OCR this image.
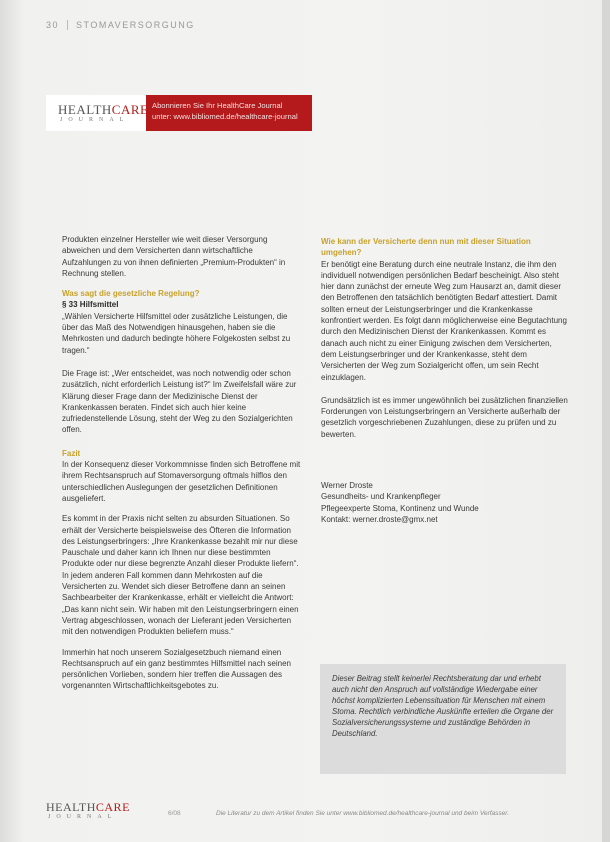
30 STOMAVERSORGUNG
HEALTHCARE
JOURNAL
Abonnieren Sie Ihr HealthCare Journal
unter: www.bibliomed.de/healthcare-journal

Produkten einzelner Hersteller wie weit dieser Versorgung abweichen und dem Versicherten dann wirtschaftliche Aufzahlungen zu von ihnen definierten „Premium-Produkten“ in Rechnung stellen.

Was sagt die gesetzliche Regelung?

§ 33 Hilfsmittel

„Wählen Versicherte Hilfsmittel oder zusätzliche Leistungen, die über das Maß des Notwendigen hinausgehen, haben sie die Mehrkosten und dadurch bedingte höhere Folgekosten selbst zu tragen.“

Die Frage ist: „Wer entscheidet, was noch notwendig oder schon zusätzlich, nicht erforderlich Leistung ist?“ Im Zweifelsfall wäre zur Klärung dieser Frage dann der Medizinische Dienst der Krankenkassen beraten. Findet sich auch hier keine zufriedenstellende Lösung, steht der Weg zu den Sozialgerichten offen.

Fazit

In der Konsequenz dieser Vorkommnisse finden sich Betroffene mit ihrem Rechtsanspruch auf Stomaversorgung oftmals hilflos den unterschiedlichen Auslegungen der gesetzlichen Definitionen ausgeliefert.

Es kommt in der Praxis nicht selten zu absurden Situationen. So erhält der Versicherte beispielsweise des Öfteren die Information des Leistungserbringers: „Ihre Krankenkasse bezahlt mir nur diese Pauschale und daher kann ich Ihnen nur diese bestimmten Produkte oder nur diese begrenzte Anzahl dieser Produkte liefern“. In jedem anderen Fall kommen dann Mehrkosten auf die Versicherten zu. Wendet sich dieser Betroffene dann an seinen Sachbearbeiter der Krankenkasse, erhält er vielleicht die Antwort: „Das kann nicht sein. Wir haben mit den Leistungserbringern einen Vertrag abgeschlossen, wonach der Lieferant jeden Versicherten mit den notwendigen Produkten beliefern muss.“

Immerhin hat noch unserem Sozialgesetzbuch niemand einen Rechtsanspruch auf ein ganz bestimmtes Hilfsmittel nach seinen persönlichen Vorlieben, sondern hier treffen die Aussagen des vorgenannten Wirtschaftlichkeitsgebotes zu.

Wie kann der Versicherte denn nun mit dieser Situation umgehen?

Er benötigt eine Beratung durch eine neutrale Instanz, die ihm den individuell notwendigen persönlichen Bedarf bescheinigt. Also steht hier dann zunächst der erneute Weg zum Hausarzt an, damit dieser den Betroffenen den tatsächlich benötigten Bedarf attestiert. Damit sollten erneut der Leistungserbringer und die Krankenkasse konfrontiert werden. Es folgt dann möglicherweise eine Begutachtung durch den Medizinischen Dienst der Krankenkassen. Kommt es danach auch nicht zu einer Einigung zwischen dem Versicherten, dem Leistungserbringer und der Krankenkasse, steht dem Versicherten der Weg zum Sozialgericht offen, um sein Recht einzuklagen.

Grundsätzlich ist es immer ungewöhnlich bei zusätzlichen finanziellen Forderungen von Leistungserbringern an Versicherte außerhalb der gesetzlich vorgeschriebenen Zuzahlungen, diese zu prüfen und zu bewerten.

Werner Droste

Gesundheits- und Krankenpfleger

Pflegeexperte Stoma, Kontinenz und Wunde

Kontakt: werner.droste@gmx.net

Dieser Beitrag stellt keinerlei Rechtsberatung dar und erhebt auch nicht den Anspruch auf vollständige Wiedergabe einer höchst komplizierten Lebenssituation für Menschen mit einem Stoma. Rechtlich verbindliche Auskünfte erteilen die Organe der Sozialversicherungssysteme und zuständige Behörden in Deutschland.
HEALTHCARE
JOURNAL	6/08	Die Literatur zu dem Artikel finden Sie unter www.bibliomed.de/healthcare-journal und beim Verfasser.
